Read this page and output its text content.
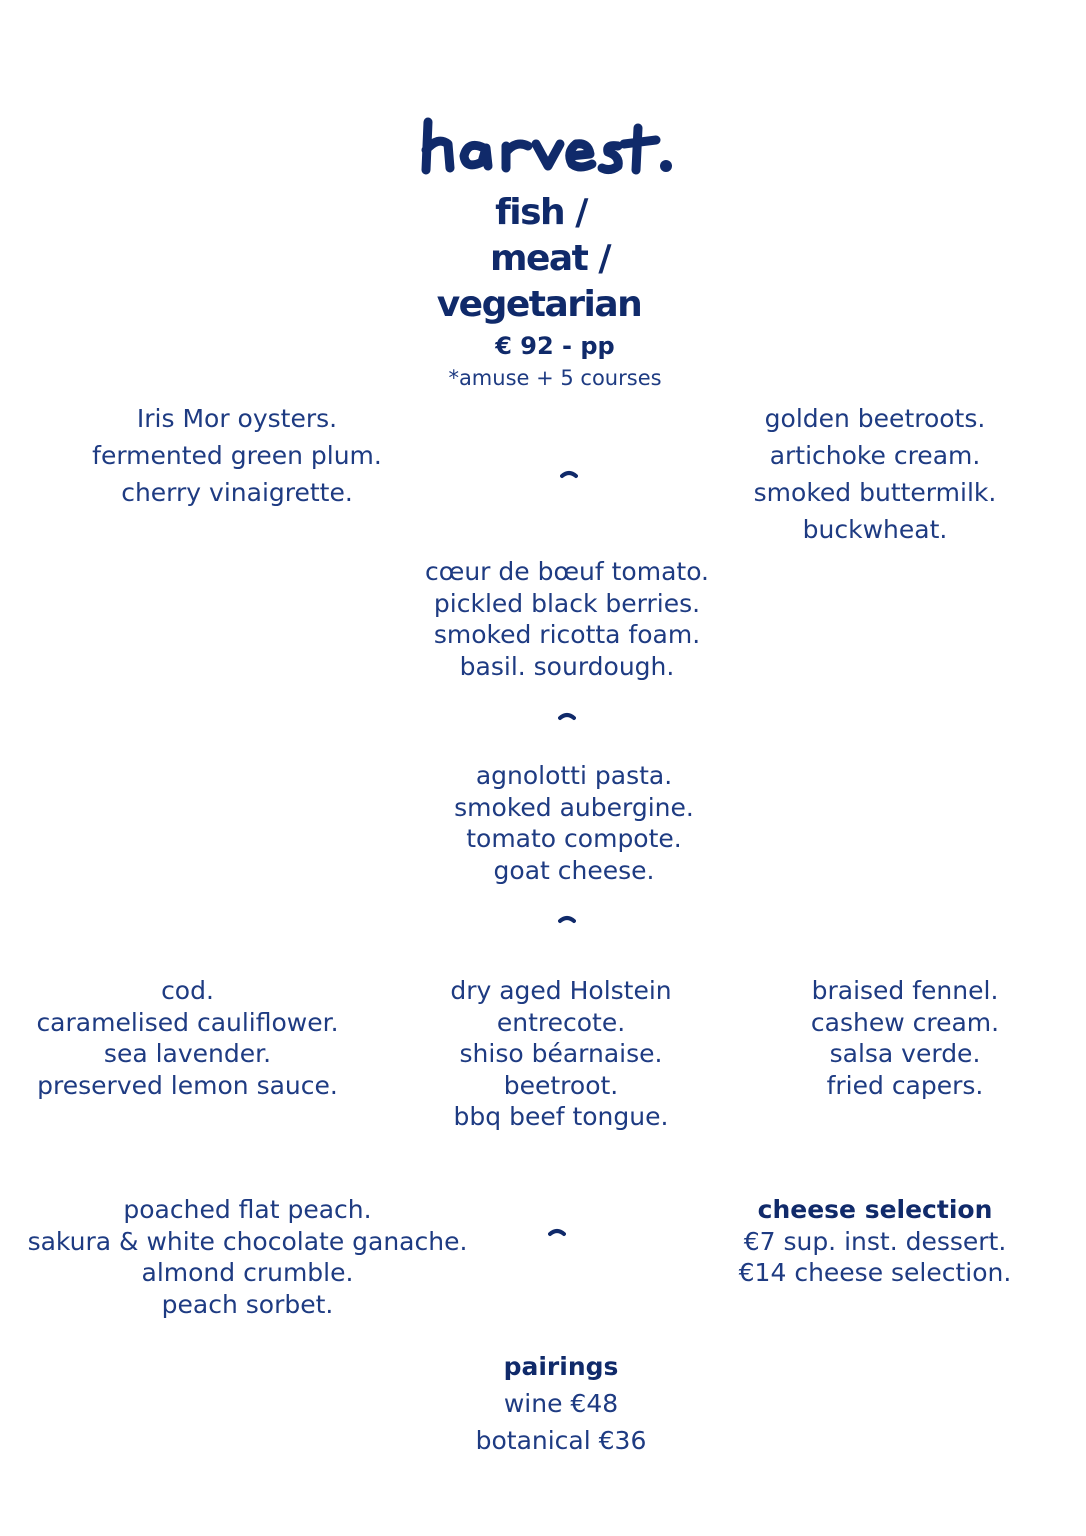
fish /
meat /
vegetarian
€ 92 - pp
*amuse + 5 courses
Iris Mor oysters.
fermented green plum.
cherry vinaigrette.
golden beetroots.
artichoke cream.
smoked buttermilk.
buckwheat.
cœur de bœuf tomato.
pickled black berries.
smoked ricotta foam.
basil. sourdough.
agnolotti pasta.
smoked aubergine.
tomato compote.
goat cheese.
cod.
caramelised cauliflower.
sea lavender.
preserved lemon sauce.
dry aged Holstein
entrecote.
shiso béarnaise.
beetroot.
bbq beef tongue.
braised fennel.
cashew cream.
salsa verde.
fried capers.
poached flat peach.
sakura & white chocolate ganache.
almond crumble.
peach sorbet.
cheese selection
€7 sup. inst. dessert.
€14 cheese selection.
pairings
wine €48
botanical €36
